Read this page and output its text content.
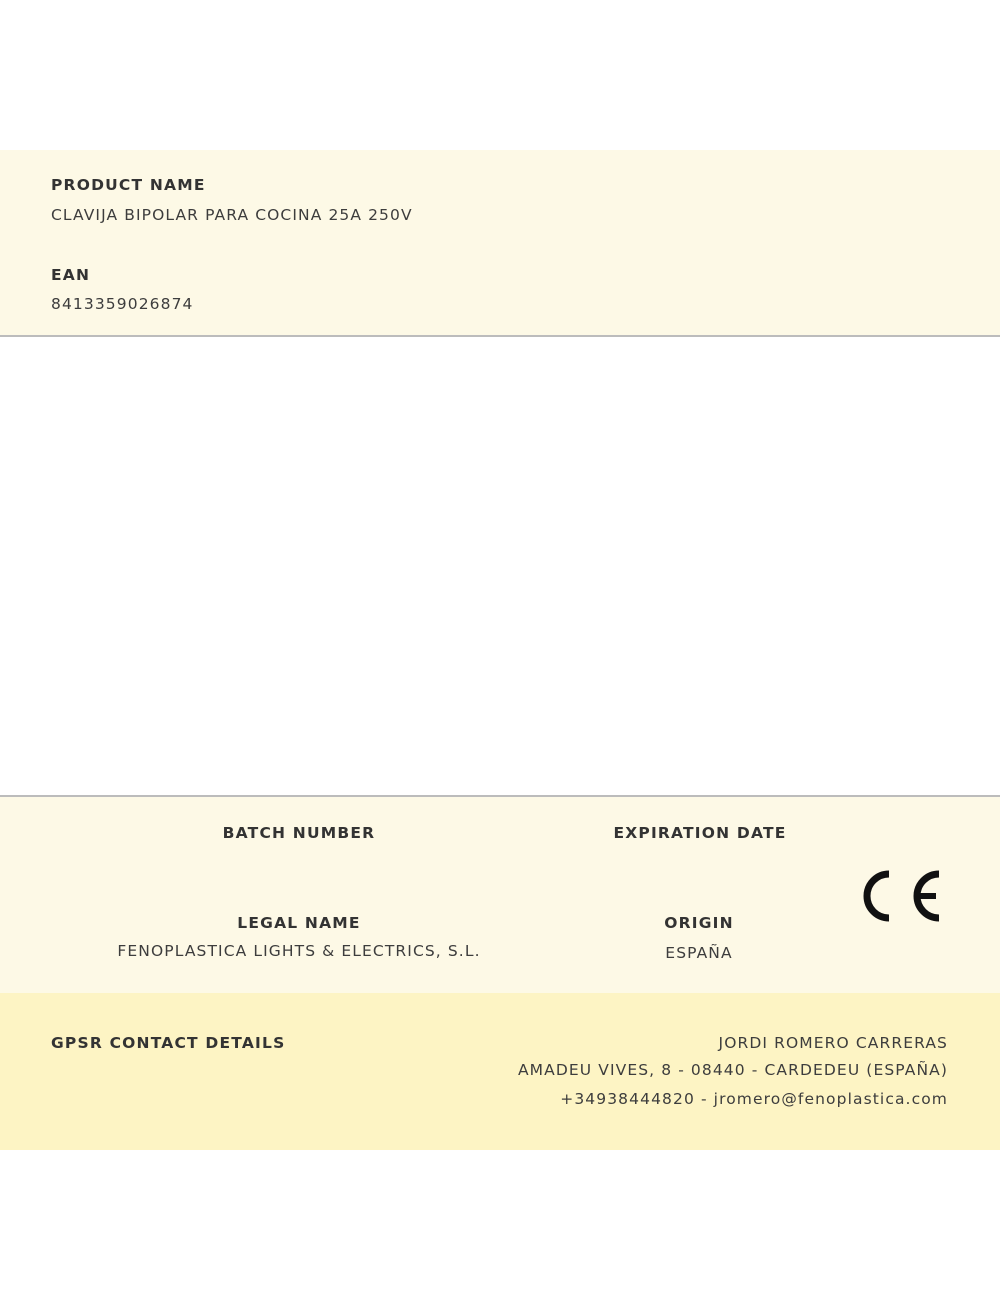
PRODUCT NAME
CLAVIJA BIPOLAR PARA COCINA 25A 250V
EAN
8413359026874
BATCH NUMBER	EXPIRATION DATE
LEGAL NAME
FENOPLASTICA LIGHTS & ELECTRICS, S.L.
ORIGIN
ESPAÑA
GPSR CONTACT DETAILS	JORDI ROMERO CARRERAS
AMADEU VIVES, 8 - 08440 - CARDEDEU (ESPAÑA)
+34938444820 - jromero@fenoplastica.com
